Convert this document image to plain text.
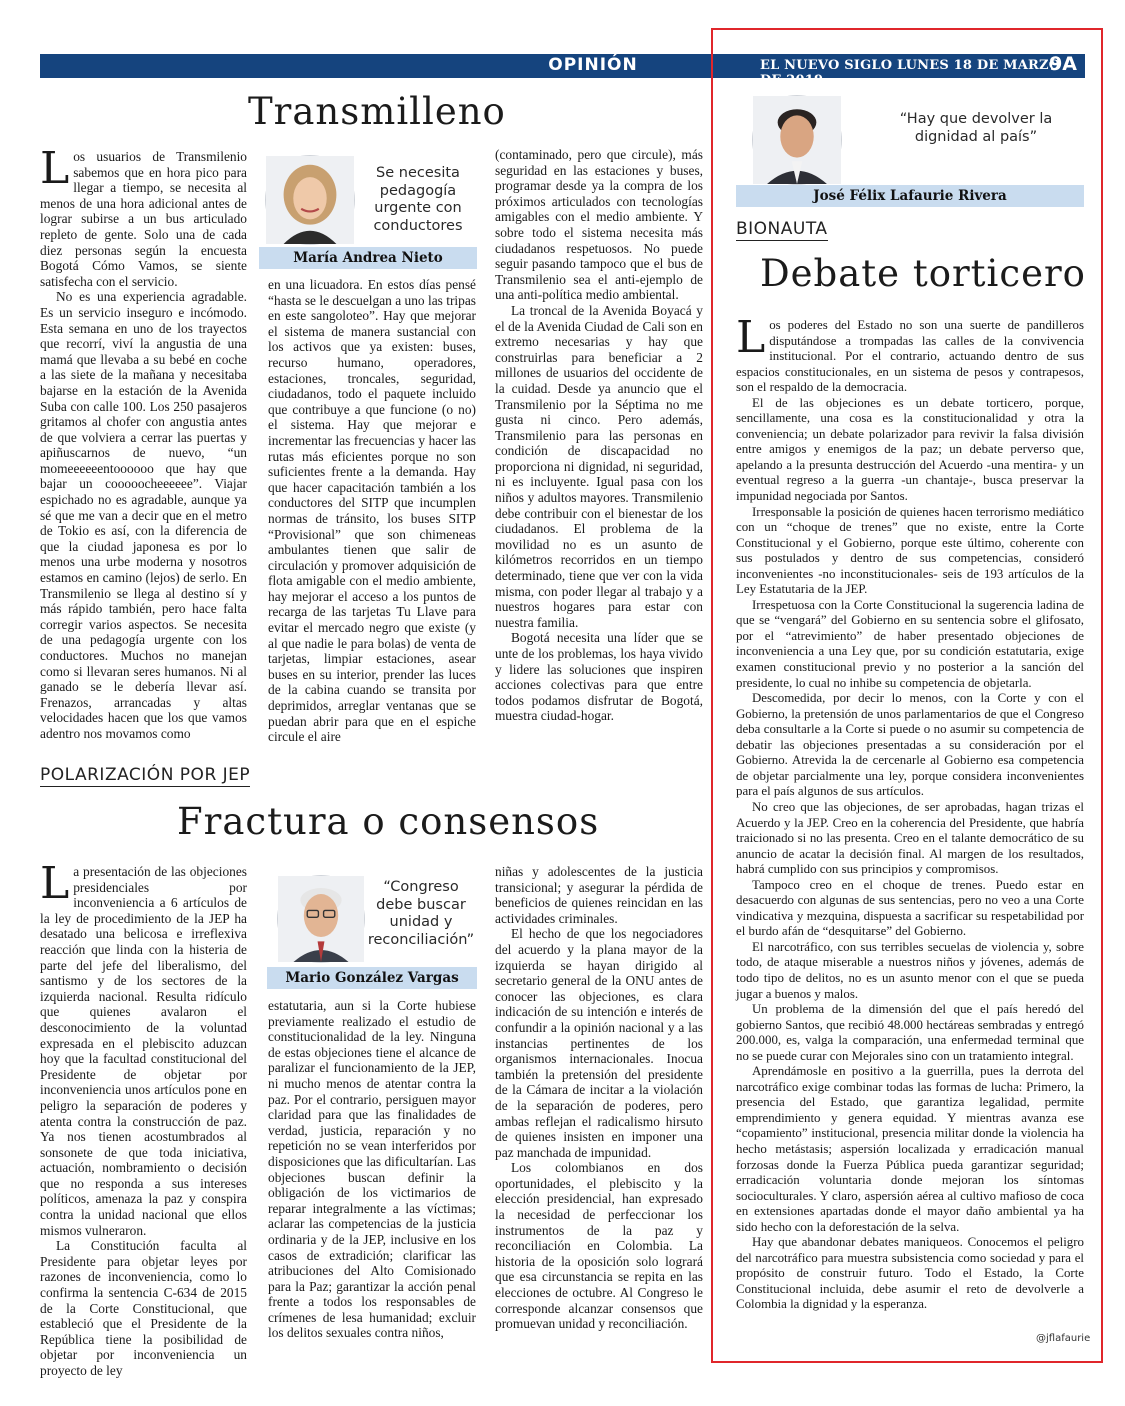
OPINIÓN	EL NUEVO SIGLO LUNES 18 DE MARZO DE 2019
9A
Transmilleno

Los usuarios de Transmilenio sabemos que en hora pico para llegar a tiempo, se necesita al menos de una hora adicional antes de lograr subirse a un bus articulado repleto de gente. Solo una de cada diez personas según la encuesta Bogotá Cómo Vamos, se siente satisfecha con el servicio.

No es una experiencia agradable. Es un servicio inseguro e incómodo. Esta semana en uno de los trayectos que recorrí, viví la angustia de una mamá que llevaba a su bebé en coche a las siete de la mañana y necesitaba bajarse en la estación de la Avenida Suba con calle 100. Los 250 pasajeros gritamos al chofer con angustia antes de que volviera a cerrar las puertas y apiñuscarnos de nuevo, “un momeeeeeentoooooo que hay que bajar un cooooocheeeeee”. Viajar espichado no es agradable, aunque ya sé que me van a decir que en el metro de Tokio es así, con la diferencia de que la ciudad japonesa es por lo menos una urbe moderna y nosotros estamos en camino (lejos) de serlo. En Transmilenio se llega al destino sí y más rápido también, pero hace falta corregir varios aspectos. Se necesita de una pedagogía urgente con los conductores. Muchos no manejan como si llevaran seres humanos. Ni al ganado se le debería llevar así. Frenazos, arrancadas y altas velocidades hacen que los que vamos adentro nos movamos como

Se necesita pedagogía urgente con conductores
María Andrea Nieto

en una licuadora. En estos días pensé “hasta se le descuelgan a uno las tripas en este sangoloteo”. Hay que mejorar el sistema de manera sustancial con los activos que ya existen: buses, recurso humano, operadores, estaciones, troncales, seguridad, ciudadanos, todo el paquete incluido que contribuye a que funcione (o no) el sistema. Hay que mejorar e incrementar las frecuencias y hacer las rutas más eficientes porque no son suficientes frente a la demanda. Hay que hacer capacitación también a los conductores del SITP que incumplen normas de tránsito, los buses SITP “Provisional” que son chimeneas ambulantes tienen que salir de circulación y promover adquisición de flota amigable con el medio ambiente, hay mejorar el acceso a los puntos de recarga de las tarjetas Tu Llave para evitar el mercado negro que existe (y al que nadie le para bolas) de venta de tarjetas, limpiar estaciones, asear buses en su interior, prender las luces de la cabina cuando se transita por deprimidos, arreglar ventanas que se puedan abrir para que en el espiche circule el aire

(contaminado, pero que circule), más seguridad en las estaciones y buses, programar desde ya la compra de los próximos articulados con tecnologías amigables con el medio ambiente. Y sobre todo el sistema necesita más ciudadanos respetuosos. No puede seguir pasando tampoco que el bus de Transmilenio sea el anti-ejemplo de una anti-política medio ambiental.

La troncal de la Avenida Boyacá y el de la Avenida Ciudad de Cali son en extremo necesarias y hay que construirlas para beneficiar a 2 millones de usuarios del occidente de la cuidad. Desde ya anuncio que el Transmilenio por la Séptima no me gusta ni cinco. Pero además, Transmilenio para las personas en condición de discapacidad no proporciona ni dignidad, ni seguridad, ni es incluyente. Igual pasa con los niños y adultos mayores. Transmilenio debe contribuir con el bienestar de los ciudadanos. El problema de la movilidad no es un asunto de kilómetros recorridos en un tiempo determinado, tiene que ver con la vida misma, con poder llegar al trabajo y a nuestros hogares para estar con nuestra familia.

Bogotá necesita una líder que se unte de los problemas, los haya vivido y lidere las soluciones que inspiren acciones colectivas para que entre todos podamos disfrutar de Bogotá, muestra ciudad-hogar.

POLARIZACIÓN POR JEP
Fractura o consensos

La presentación de las objeciones presidenciales por inconveniencia a 6 artículos de la ley de procedimiento de la JEP ha desatado una belicosa e irreflexiva reacción que linda con la histeria de parte del jefe del liberalismo, del santismo y de los sectores de la izquierda nacional. Resulta ridículo que quienes avalaron el desconocimiento de la voluntad expresada en el plebiscito aduzcan hoy que la facultad constitucional del Presidente de objetar por inconveniencia unos artículos pone en peligro la separación de poderes y atenta contra la construcción de paz. Ya nos tienen acostumbrados al sonsonete de que toda iniciativa, actuación, nombramiento o decisión que no responda a sus intereses políticos, amenaza la paz y conspira contra la unidad nacional que ellos mismos vulneraron.

La Constitución faculta al Presidente para objetar leyes por razones de inconveniencia, como lo confirma la sentencia C-634 de 2015 de la Corte Constitucional, que estableció que el Presidente de la República tiene la posibilidad de objetar por inconveniencia un proyecto de ley

“Congreso debe buscar unidad y reconciliación”
Mario González Vargas

estatutaria, aun si la Corte hubiese previamente realizado el estudio de constitucionalidad de la ley. Ninguna de estas objeciones tiene el alcance de paralizar el funcionamiento de la JEP, ni mucho menos de atentar contra la paz. Por el contrario, persiguen mayor claridad para que las finalidades de verdad, justicia, reparación y no repetición no se vean interferidos por disposiciones que las dificultarían. Las objeciones buscan definir la obligación de los victimarios de reparar integralmente a las víctimas; aclarar las competencias de la justicia ordinaria y de la JEP, inclusive en los casos de extradición; clarificar las atribuciones del Alto Comisionado para la Paz; garantizar la acción penal frente a todos los responsables de crímenes de lesa humanidad; excluir los delitos sexuales contra niños,

niñas y adolescentes de la justicia transicional; y asegurar la pérdida de beneficios de quienes reincidan en las actividades criminales.

El hecho de que los negociadores del acuerdo y la plana mayor de la izquierda se hayan dirigido al secretario general de la ONU antes de conocer las objeciones, es clara indicación de su intención e interés de confundir a la opinión nacional y a las instancias pertinentes de los organismos internacionales. Inocua también la pretensión del presidente de la Cámara de incitar a la violación de la separación de poderes, pero ambas reflejan el radicalismo hirsuto de quienes insisten en imponer una paz manchada de impunidad.

Los colombianos en dos oportunidades, el plebiscito y la elección presidencial, han expresado la necesidad de perfeccionar los instrumentos de la paz y reconciliación en Colombia. La historia de la oposición solo logrará que esa circunstancia se repita en las elecciones de octubre. Al Congreso le corresponde alcanzar consensos que promuevan unidad y reconciliación.

“Hay que devolver la dignidad al país”
José Félix Lafaurie Rivera
BIONAUTA
Debate torticero

Los poderes del Estado no son una suerte de pandilleros disputándose a trompadas las calles de la convivencia institucional. Por el contrario, actuando dentro de sus espacios constitucionales, en un sistema de pesos y contrapesos, son el respaldo de la democracia.

El de las objeciones es un debate torticero, porque, sencillamente, una cosa es la constitucionalidad y otra la conveniencia; un debate polarizador para revivir la falsa división entre amigos y enemigos de la paz; un debate perverso que, apelando a la presunta destrucción del Acuerdo -una mentira- y un eventual regreso a la guerra -un chantaje-, busca preservar la impunidad negociada por Santos.

Irresponsable la posición de quienes hacen terrorismo mediático con un “choque de trenes” que no existe, entre la Corte Constitucional y el Gobierno, porque este último, coherente con sus postulados y dentro de sus competencias, consideró inconvenientes -no inconstitucionales- seis de 193 artículos de la Ley Estatutaria de la JEP.

Irrespetuosa con la Corte Constitucional la sugerencia ladina de que se “vengará” del Gobierno en su sentencia sobre el glifosato, por el “atrevimiento” de haber presentado objeciones de inconveniencia a una Ley que, por su condición estatutaria, exige examen constitucional previo y no posterior a la sanción del presidente, lo cual no inhibe su competencia de objetarla.

Descomedida, por decir lo menos, con la Corte y con el Gobierno, la pretensión de unos parlamentarios de que el Congreso deba consultarle a la Corte si puede o no asumir su competencia de debatir las objeciones presentadas a su consideración por el Gobierno. Atrevida la de cercenarle al Gobierno esa competencia de objetar parcialmente una ley, porque considera inconvenientes para el país algunos de sus artículos.

No creo que las objeciones, de ser aprobadas, hagan trizas el Acuerdo y la JEP. Creo en la coherencia del Presidente, que habría traicionado si no las presenta. Creo en el talante democrático de su anuncio de acatar la decisión final. Al margen de los resultados, habrá cumplido con sus principios y compromisos.

Tampoco creo en el choque de trenes. Puedo estar en desacuerdo con algunas de sus sentencias, pero no veo a una Corte vindicativa y mezquina, dispuesta a sacrificar su respetabilidad por el burdo afán de “desquitarse” del Gobierno.

El narcotráfico, con sus terribles secuelas de violencia y, sobre todo, de ataque miserable a nuestros niños y jóvenes, además de todo tipo de delitos, no es un asunto menor con el que se pueda jugar a buenos y malos.

Un problema de la dimensión del que el país heredó del gobierno Santos, que recibió 48.000 hectáreas sembradas y entregó 200.000, es, valga la comparación, una enfermedad terminal que no se puede curar con Mejorales sino con un tratamiento integral.

Aprendámosle en positivo a la guerrilla, pues la derrota del narcotráfico exige combinar todas las formas de lucha: Primero, la presencia del Estado, que garantiza legalidad, permite emprendimiento y genera equidad. Y mientras avanza ese “copamiento” institucional, presencia militar donde la violencia ha hecho metástasis; aspersión localizada y erradicación manual forzosas donde la Fuerza Pública pueda garantizar seguridad; erradicación voluntaria donde mejoran los síntomas socioculturales. Y claro, aspersión aérea al cultivo mafioso de coca en extensiones apartadas donde el mayor daño ambiental ya ha sido hecho con la deforestación de la selva.

Hay que abandonar debates maniqueos. Conocemos el peligro del narcotráfico para muestra subsistencia como sociedad y para el propósito de construir futuro. Todo el Estado, la Corte Constitucional incluida, debe asumir el reto de devolverle a Colombia la dignidad y la esperanza.

@jflafaurie
